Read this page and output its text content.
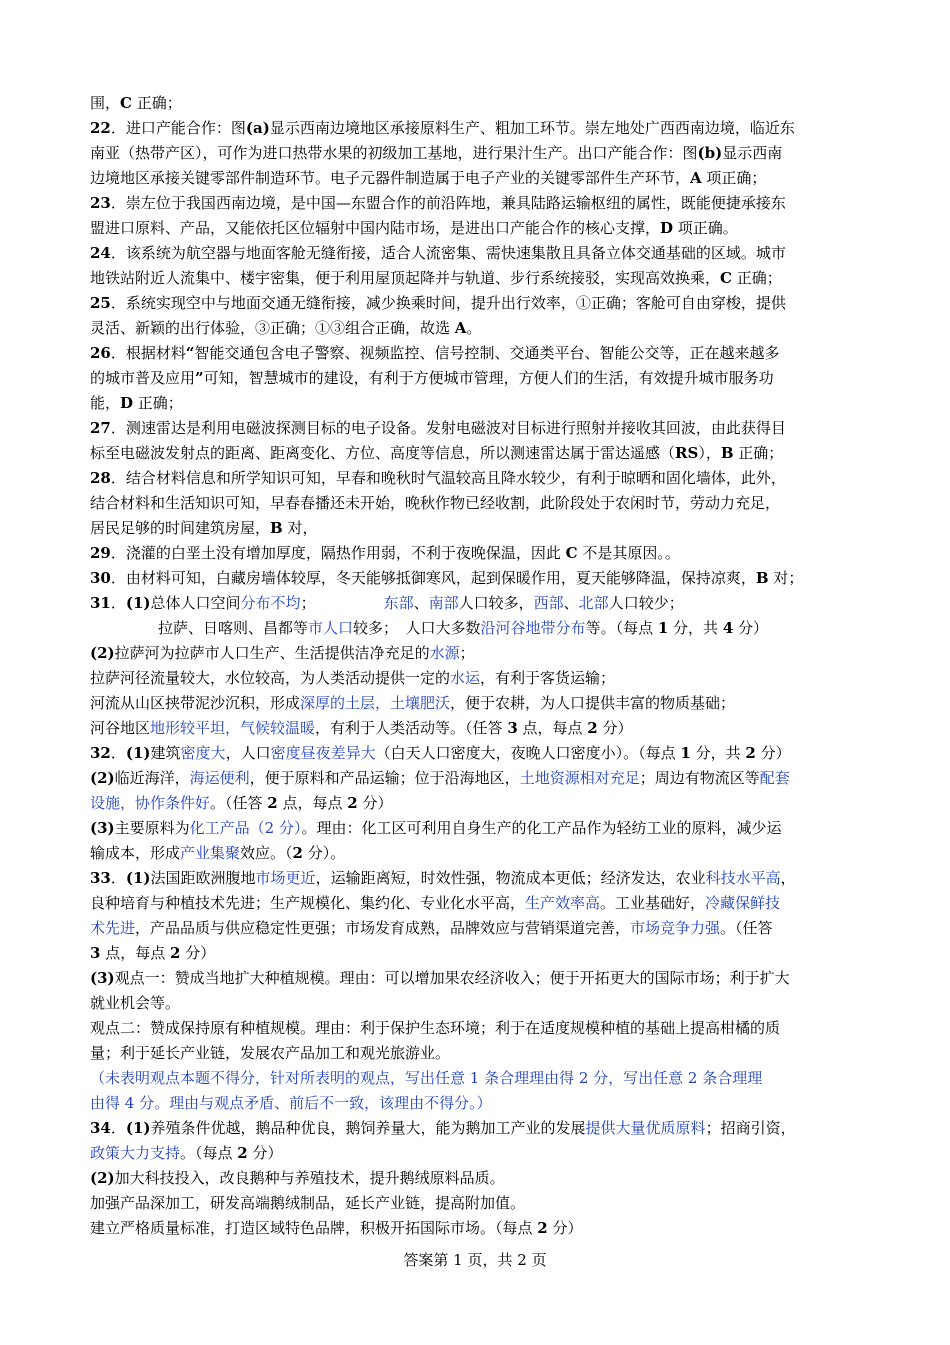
围，C 正确；
22．进口产能合作：图(a)显示西南边境地区承接原料生产、粗加工环节。崇左地处广西西南边境，临近东
南亚（热带产区），可作为进口热带水果的初级加工基地，进行果汁生产。出口产能合作：图(b)显示西南
边境地区承接关键零部件制造环节。电子元器件制造属于电子产业的关键零部件生产环节，A 项正确；
23．崇左位于我国西南边境，是中国—东盟合作的前沿阵地，兼具陆路运输枢纽的属性，既能便捷承接东
盟进口原料、产品，又能依托区位辐射中国内陆市场，是进出口产能合作的核心支撑，D 项正确。
24．该系统为航空器与地面客舱无缝衔接，适合人流密集、需快速集散且具备立体交通基础的区域。城市
地铁站附近人流集中、楼宇密集，便于利用屋顶起降并与轨道、步行系统接驳，实现高效换乘，C 正确；
25．系统实现空中与地面交通无缝衔接，减少换乘时间，提升出行效率，①正确；客舱可自由穿梭，提供
灵活、新颖的出行体验，③正确；①③组合正确，故选 A。
26．根据材料“智能交通包含电子警察、视频监控、信号控制、交通类平台、智能公交等，正在越来越多
的城市普及应用”可知，智慧城市的建设，有利于方便城市管理，方便人们的生活，有效提升城市服务功
能，D 正确；
27．测速雷达是利用电磁波探测目标的电子设备。发射电磁波对目标进行照射并接收其回波，由此获得目
标至电磁波发射点的距离、距离变化、方位、高度等信息，所以测速雷达属于雷达遥感（RS），B 正确；
28．结合材料信息和所学知识可知，早春和晚秋时气温较高且降水较少，有利于晾晒和固化墙体，此外，
结合材料和生活知识可知，早春春播还未开始，晚秋作物已经收割，此阶段处于农闲时节，劳动力充足，
居民足够的时间建筑房屋，B 对，
29．浇灌的白垩土没有增加厚度，隔热作用弱，不利于夜晚保温，因此 C 不是其原因。。
30．由材料可知，白藏房墙体较厚，冬天能够抵御寒风，起到保暖作用，夏天能够降温，保持凉爽，B 对；
31．(1)总体人口空间分布不均；	东部、南部人口较多，西部、北部人口较少；
拉萨、日喀则、昌都等市人口较多；　人口大多数沿河谷地带分布等。（每点 1 分，共 4 分）
(2)拉萨河为拉萨市人口生产、生活提供洁净充足的水源；
拉萨河径流量较大，水位较高，为人类活动提供一定的水运，有利于客货运输；
河流从山区挟带泥沙沉积，形成深厚的土层，土壤肥沃，便于农耕，为人口提供丰富的物质基础；
河谷地区地形较平坦，气候较温暖，有利于人类活动等。（任答 3 点，每点 2 分）
32．(1)建筑密度大，人口密度昼夜差异大（白天人口密度大，夜晚人口密度小）。（每点 1 分，共 2 分）
(2)临近海洋，海运便利，便于原料和产品运输；位于沿海地区，土地资源相对充足；周边有物流区等配套
设施，协作条件好。（任答 2 点，每点 2 分）
(3)主要原料为化工产品（2 分）。理由：化工区可利用自身生产的化工产品作为轻纺工业的原料，减少运
输成本，形成产业集聚效应。（2 分）。
33．(1)法国距欧洲腹地市场更近，运输距离短，时效性强，物流成本更低；经济发达，农业科技水平高，
良种培育与种植技术先进；生产规模化、集约化、专业化水平高，生产效率高。工业基础好，冷藏保鲜技
术先进，产品品质与供应稳定性更强；市场发育成熟，品牌效应与营销渠道完善，市场竞争力强。（任答
3 点，每点 2 分）
(3)观点一：赞成当地扩大种植规模。理由：可以增加果农经济收入；便于开拓更大的国际市场；利于扩大
就业机会等。
观点二：赞成保持原有种植规模。理由：利于保护生态环境；利于在适度规模种植的基础上提高柑橘的质
量；利于延长产业链，发展农产品加工和观光旅游业。
（未表明观点本题不得分，针对所表明的观点，写出任意 1 条合理理由得 2 分，写出任意 2 条合理理
由得 4 分。理由与观点矛盾、前后不一致，该理由不得分。）
34．(1)养殖条件优越，鹅品种优良，鹅饲养量大，能为鹅加工产业的发展提供大量优质原料；招商引资，
政策大力支持。（每点 2 分）
(2)加大科技投入，改良鹅种与养殖技术，提升鹅绒原料品质。
加强产品深加工，研发高端鹅绒制品，延长产业链，提高附加值。
建立严格质量标准，打造区域特色品牌，积极开拓国际市场。（每点 2 分）
答案第 1 页，共 2 页
